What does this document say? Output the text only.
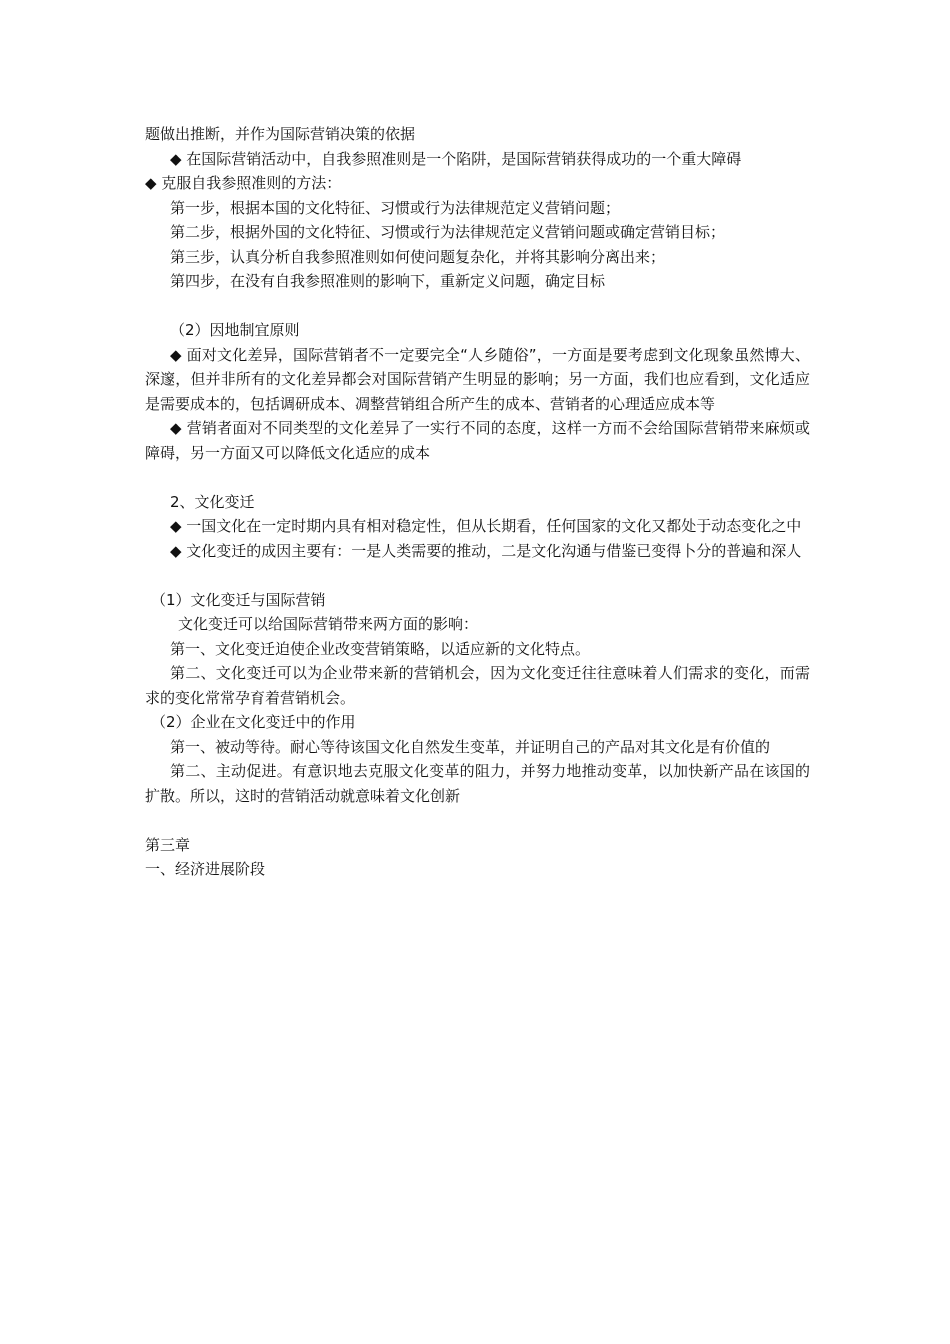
题做出推断，并作为国际营销决策的依据

◆ 在国际营销活动中，自我参照准则是一个陷阱，是国际营销获得成功的一个重大障碍

◆ 克服自我参照准则的方法：

第一步，根据本国的文化特征、习惯或行为法律规范定义营销问题；

第二步，根据外国的文化特征、习惯或行为法律规范定义营销问题或确定营销目标；

第三步，认真分析自我参照准则如何使问题复杂化，并将其影响分离出来；

第四步，在没有自我参照准则的影响下，重新定义问题，确定目标

（2）因地制宜原则

◆ 面对文化差异，国际营销者不一定要完全“人乡随俗”，一方面是要考虑到文化现象虽然博大、深邃，但并非所有的文化差异都会对国际营销产生明显的影响；另一方面，我们也应看到，文化适应是需要成本的，包括调研成本、凋整营销组合所产生的成本、营销者的心理适应成本等

◆ 营销者面对不同类型的文化差异了一实行不同的态度，这样一方而不会给国际营销带来麻烦或障碍，另一方面又可以降低文化适应的成本

2、文化变迁

◆ 一国文化在一定时期内具有相对稳定性，但从长期看，任何国家的文化又都处于动态变化之中

◆ 文化变迁的成因主要有：一是人类需要的推动，二是文化沟通与借鉴已变得卜分的普遍和深人

（1）文化变迁与国际营销

文化变迁可以给国际营销带来两方面的影响：

第一、文化变迁迫使企业改变营销策略，以适应新的文化特点。

第二、文化变迁可以为企业带来新的营销机会，因为文化变迁往往意味着人们需求的变化，而需求的变化常常孕育着营销机会。

（2）企业在文化变迁中的作用

第一、被动等待。耐心等待该国文化自然发生变革，并证明自己的产品对其文化是有价值的

第二、主动促进。有意识地去克服文化变革的阻力，并努力地推动变革，以加快新产品在该国的扩散。所以，这时的营销活动就意味着文化创新

第三章

一、经济进展阶段
